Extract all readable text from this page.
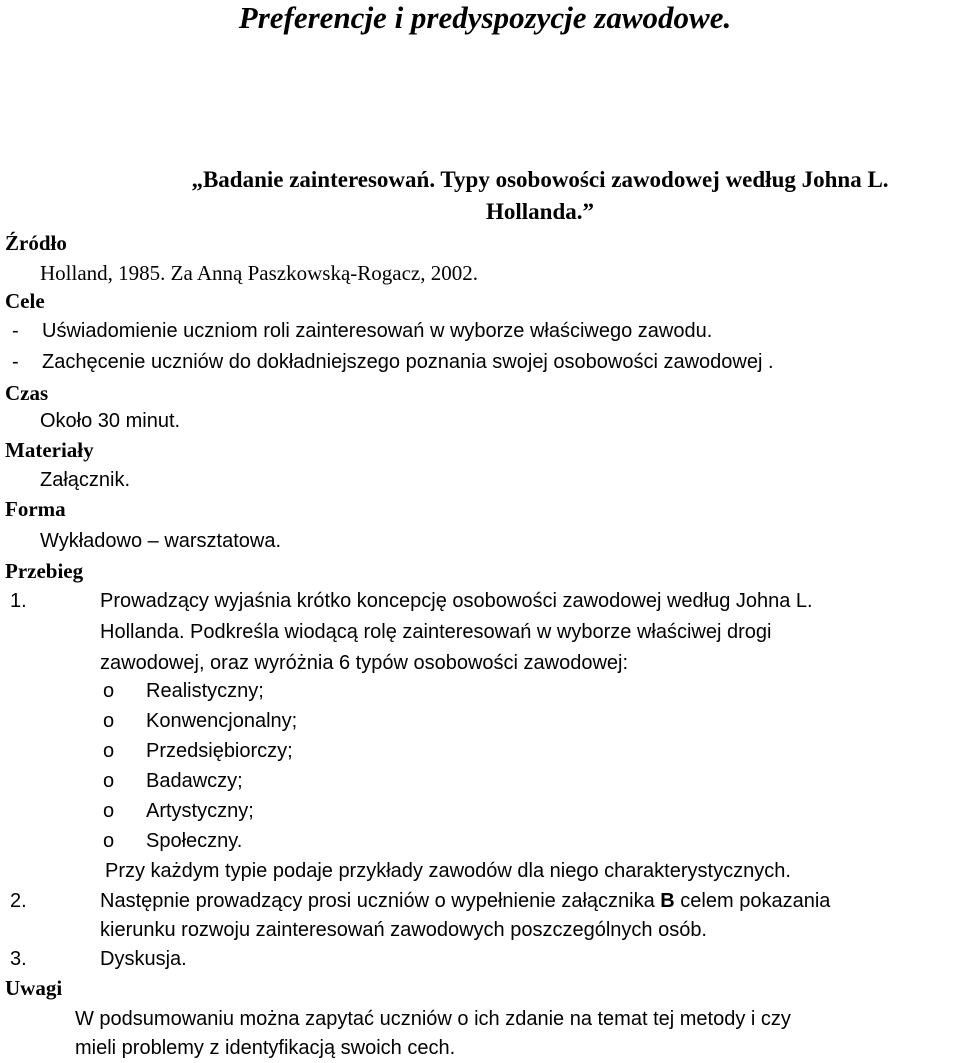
Preferencje i predyspozycje zawodowe.
„Badanie zainteresowań. Typy osobowości zawodowej według Johna L. Hollanda.”
Źródło
Holland, 1985. Za Anną Paszkowską-Rogacz, 2002.
Cele
- Uświadomienie uczniom roli zainteresowań w wyborze właściwego zawodu.
- Zachęcenie uczniów do dokładniejszego poznania swojej osobowości zawodowej .
Czas
Około 30 minut.
Materiały
Załącznik.
Forma
Wykładowo – warsztatowa.
Przebieg
1.	Prowadzący wyjaśnia krótko koncepcję osobowości zawodowej według Johna L.
Hollanda. Podkreśla wiodącą rolę zainteresowań w wyborze właściwej drogi
zawodowej, oraz wyróżnia 6 typów osobowości zawodowej:
o Realistyczny;
o Konwencjonalny;
o Przedsiębiorczy;
o Badawczy;
o Artystyczny;
o Społeczny.
Przy każdym typie podaje przykłady zawodów dla niego charakterystycznych.
2.	Następnie prowadzący prosi uczniów o wypełnienie załącznika B celem pokazania
kierunku rozwoju zainteresowań zawodowych poszczególnych osób.
3.	Dyskusja.
Uwagi
W podsumowaniu można zapytać uczniów o ich zdanie na temat tej metody i czy
mieli problemy z identyfikacją swoich cech.
